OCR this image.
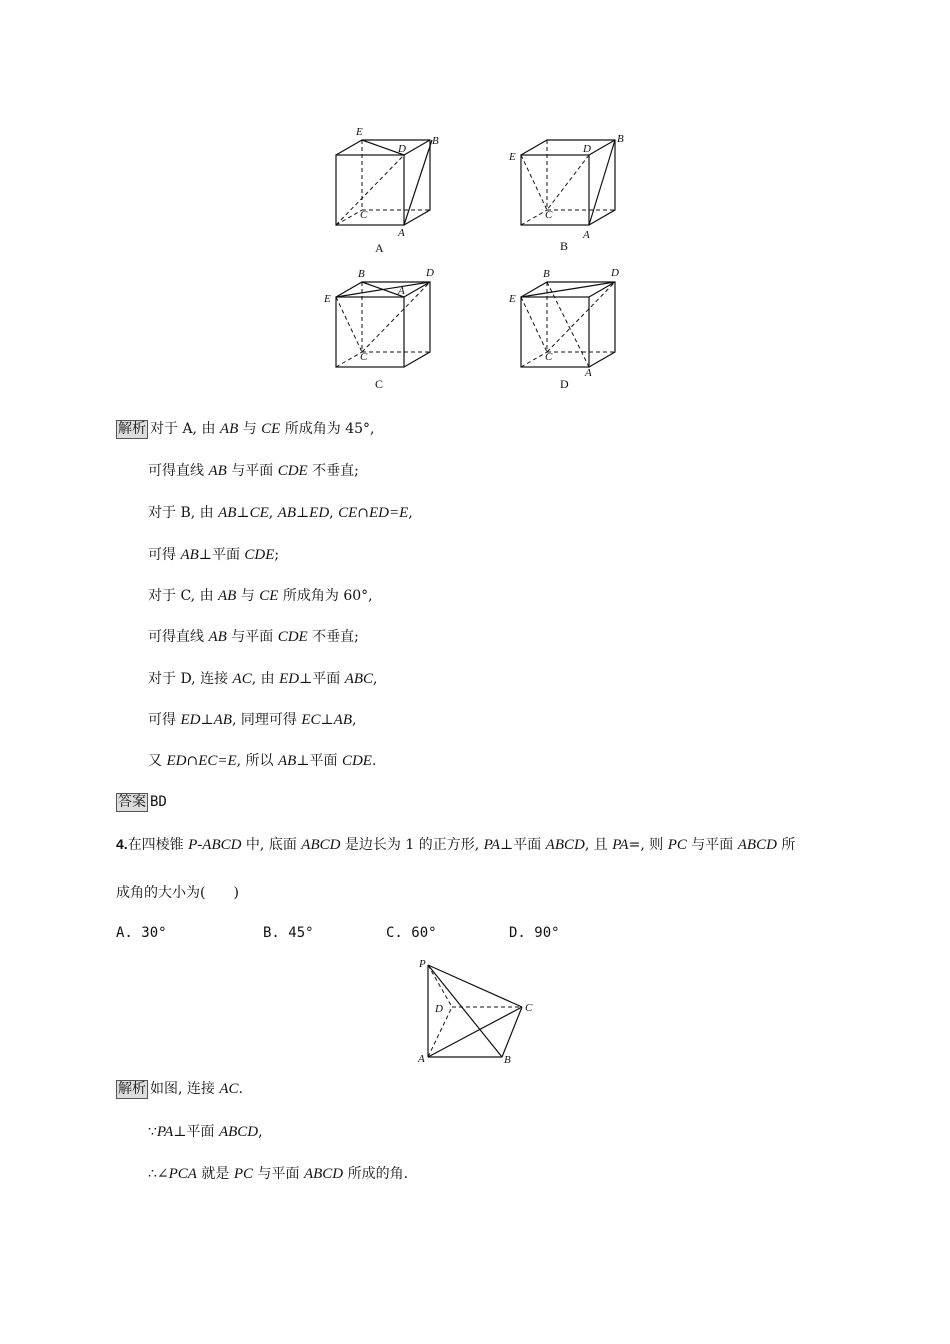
E
D
B
C
A
A
E
D
B
C
A
B
B	D
E
A
C
C
B	D
E
C
A
D
解析 对于 A, 由 AB 与 CE 所成角为 45°,
可得直线 AB 与平面 CDE 不垂直;
对于 B, 由 AB⊥CE, AB⊥ED, CE∩ED=E,
可得 AB⊥平面 CDE;
对于 C, 由 AB 与 CE 所成角为 60°,
可得直线 AB 与平面 CDE 不垂直;
对于 D, 连接 AC, 由 ED⊥平面 ABC,
可得 ED⊥AB, 同理可得 EC⊥AB,
又 ED∩EC=E, 所以 AB⊥平面 CDE.
答案 BD
4.在四棱锥 P-ABCD 中, 底面 ABCD 是边长为 1 的正方形, PA⊥平面 ABCD, 且 PA=, 则 PC 与平面 ABCD 所
成角的大小为(　　)
A. 30°	B. 45°	C. 60°	D. 90°
P
D	C
A	B
解析 如图, 连接 AC.
∵PA⊥平面 ABCD,
∴∠PCA 就是 PC 与平面 ABCD 所成的角.
